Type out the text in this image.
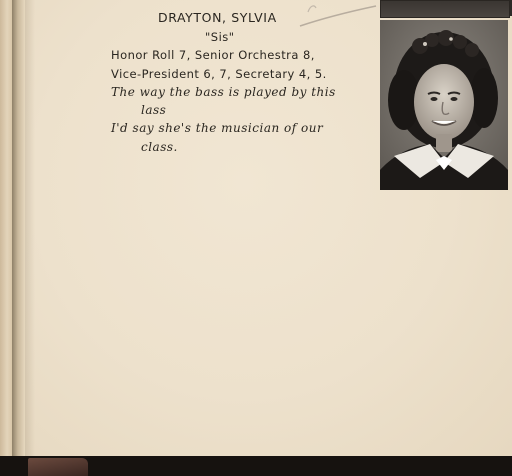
DRAYTON, SYLVIA
"Sis"
Honor Roll 7, Senior Orchestra 8,
Vice-President 6, 7, Secretary 4, 5.
The way the bass is played by this
lass
I'd say she's the musician of our
class.
